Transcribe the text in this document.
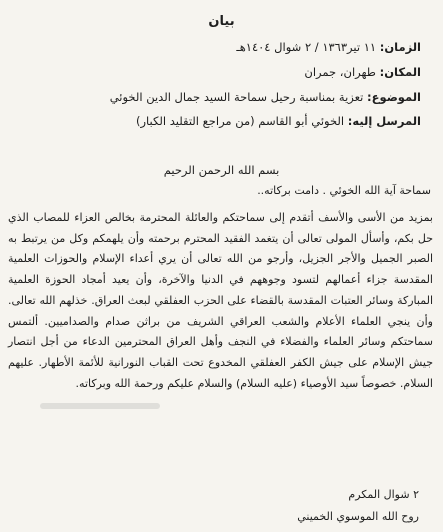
بيان
الزمان: ١١ تير١٣٦٣ / ٢ شوال ١٤٠٤هـ
المكان: طهران، جمران
الموضوع: تعزية بمناسبة رحيل سماحة السيد جمال الدين الخوئي
المرسل إليه: الخوئي أبو القاسم (من مراجع التقليد الكبار)
بسم الله الرحمن الرحيم
سماحة آية الله الخوئي . دامت بركاته..
بمزيد من الأسى والأسف أتقدم إلى سماحتكم والعائلة المحترمة بخالص العزاء للمصاب الذي حل بكم، وأسأل المولى تعالى أن يتغمد الفقيد المحترم برحمته وأن يلهمكم وكل من يرتبط به الصبر الجميل والأجر الجزيل، وأرجو من الله تعالى أن يري أعداء الإسلام والحوزات العلمية المقدسة جزاء أعمالهم لتسود وجوههم في الدنيا والآخرة، وأن يعيد أمجاد الحوزة العلمية المباركة وسائر العتبات المقدسة بالقضاء على الحزب العفلقي لبعث العراق. خذلهم الله تعالى. وأن ينجي العلماء الأعلام والشعب العراقي الشريف من براثن صدام والصداميين. ألتمس سماحتكم وسائر العلماء والفضلاء في النجف وأهل العراق المحترمين الدعاء من أجل انتصار جيش الإسلام على جيش الكفر العفلقي المخدوع تحت القباب النورانية للأئمة الأطهار. عليهم السلام. خصوصاً سيد الأوصياء (عليه السلام) والسلام عليكم ورحمة الله وبركاته.
٢ شوال المكرم
روح الله الموسوي الخميني
